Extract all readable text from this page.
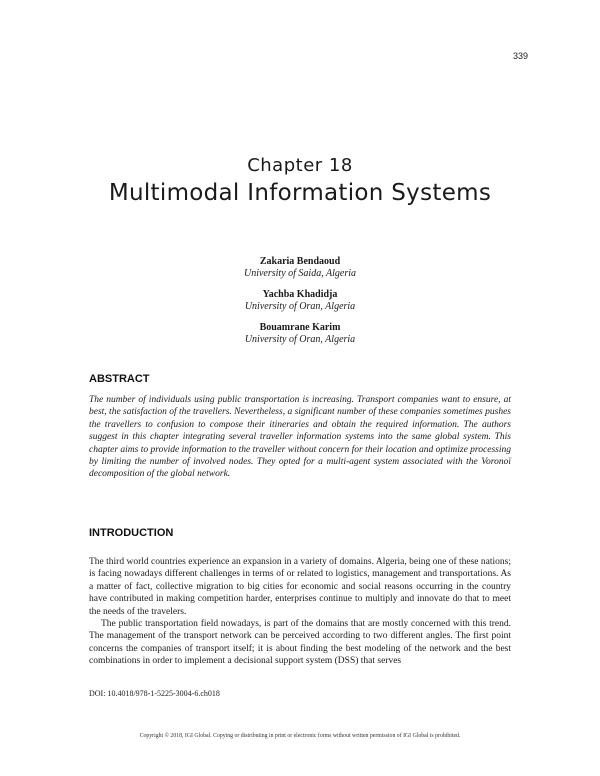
339
Chapter 18
Multimodal Information Systems
Zakaria Bendaoud
University of Saida, Algeria
Yachba Khadidja
University of Oran, Algeria
Bouamrane Karim
University of Oran, Algeria
ABSTRACT
The number of individuals using public transportation is increasing. Transport companies want to ensure, at best, the satisfaction of the travellers. Nevertheless, a significant number of these companies sometimes pushes the travellers to confusion to compose their itineraries and obtain the required information. The authors suggest in this chapter integrating several traveller information systems into the same global system. This chapter aims to provide information to the traveller without concern for their location and optimize processing by limiting the number of involved nodes. They opted for a multi-agent system associated with the Voronoï decomposition of the global network.
INTRODUCTION

The third world countries experience an expansion in a variety of domains. Algeria, being one of these nations; is facing nowadays different challenges in terms of or related to logistics, management and transportations. As a matter of fact, collective migration to big cities for economic and social reasons occurring in the country have contributed in making competition harder, enterprises continue to multiply and innovate do that to meet the needs of the travelers.

The public transportation field nowadays, is part of the domains that are mostly concerned with this trend. The management of the transport network can be perceived according to two different angles. The first point concerns the companies of transport itself; it is about finding the best modeling of the network and the best combinations in order to implement a decisional support system (DSS) that serves

DOI: 10.4018/978-1-5225-3004-6.ch018
Copyright © 2018, IGI Global. Copying or distributing in print or electronic forms without written permission of IGI Global is prohibited.
